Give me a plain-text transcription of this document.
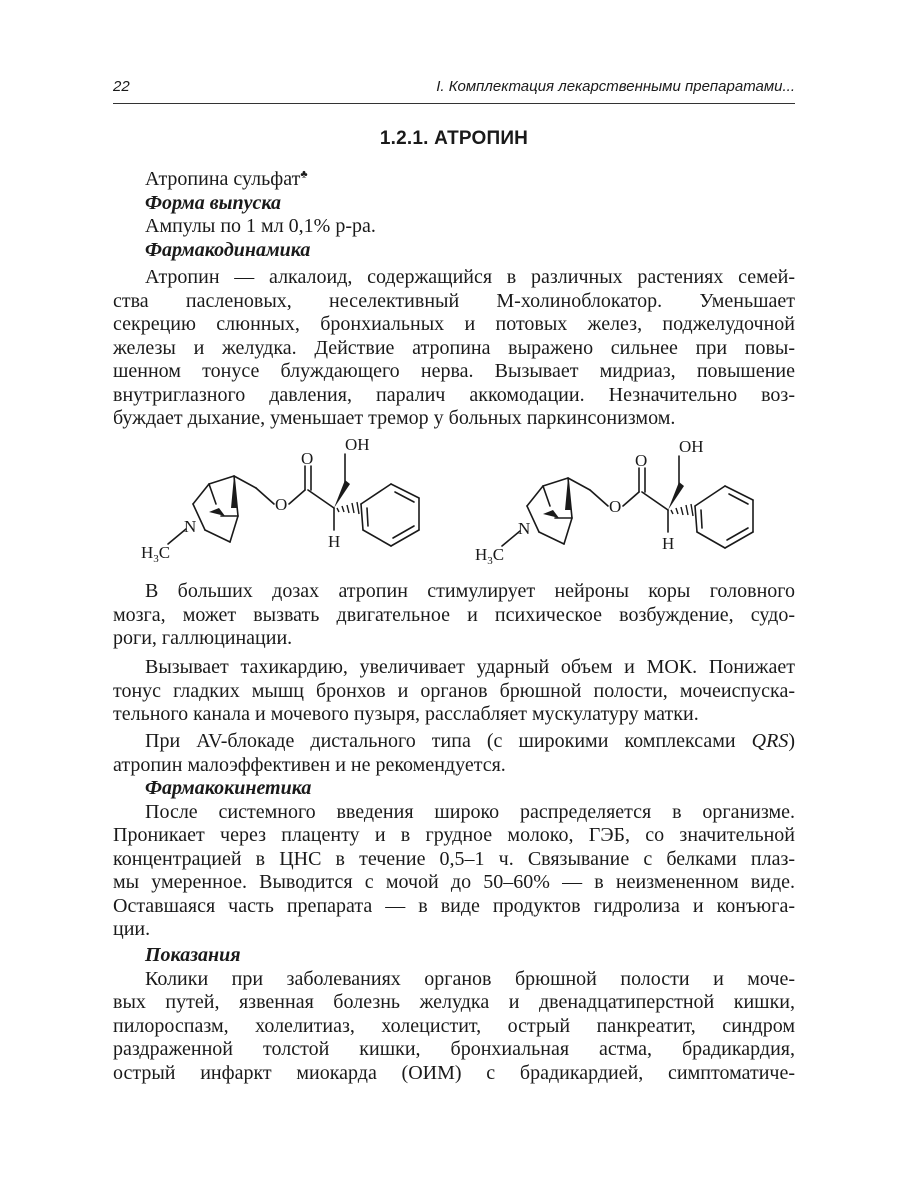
22	I. Комплектация лекарственными препаратами...
1.2.1. АТРОПИН
Атропина сульфат♣
Форма выпуска
Ампулы по 1 мл 0,1% р-ра.
Фармакодинамика
Атропин — алкалоид, содержащийся в различных растениях семей-
ства пасленовых, неселективный М-холиноблокатор. Уменьшает
секрецию слюнных, бронхиальных и потовых желез, поджелудочной
железы и желудка. Действие атропина выражено сильнее при повы-
шенном тонусе блуждающего нерва. Вызывает мидриаз, повышение
внутриглазного давления, паралич аккомодации. Незначительно воз-
буждает дыхание, уменьшает тремор у больных паркинсонизмом.
OH
O
O
N
H
$H_3C$
OH
O
O
N
H
$H_3C$
В больших дозах атропин стимулирует нейроны коры головного
мозга, может вызвать двигательное и психическое возбуждение, судо-
роги, галлюцинации.
Вызывает тахикардию, увеличивает ударный объем и МОК. Понижает
тонус гладких мышц бронхов и органов брюшной полости, мочеиспуска-
тельного канала и мочевого пузыря, расслабляет мускулатуру матки.
При AV-блокаде дистального типа (с широкими комплексами QRS)
атропин малоэффективен и не рекомендуется.
Фармакокинетика
После системного введения широко распределяется в организме.
Проникает через плаценту и в грудное молоко, ГЭБ, со значительной
концентрацией в ЦНС в течение 0,5–1 ч. Связывание с белками плаз-
мы умеренное. Выводится с мочой до 50–60% — в неизмененном виде.
Оставшаяся часть препарата — в виде продуктов гидролиза и конъюга-
ции.
Показания
Колики при заболеваниях органов брюшной полости и моче-
вых путей, язвенная болезнь желудка и двенадцатиперстной кишки,
пилороспазм, холелитиаз, холецистит, острый панкреатит, синдром
раздраженной толстой кишки, бронхиальная астма, брадикардия,
острый инфаркт миокарда (ОИМ) с брадикардией, симптоматиче-
